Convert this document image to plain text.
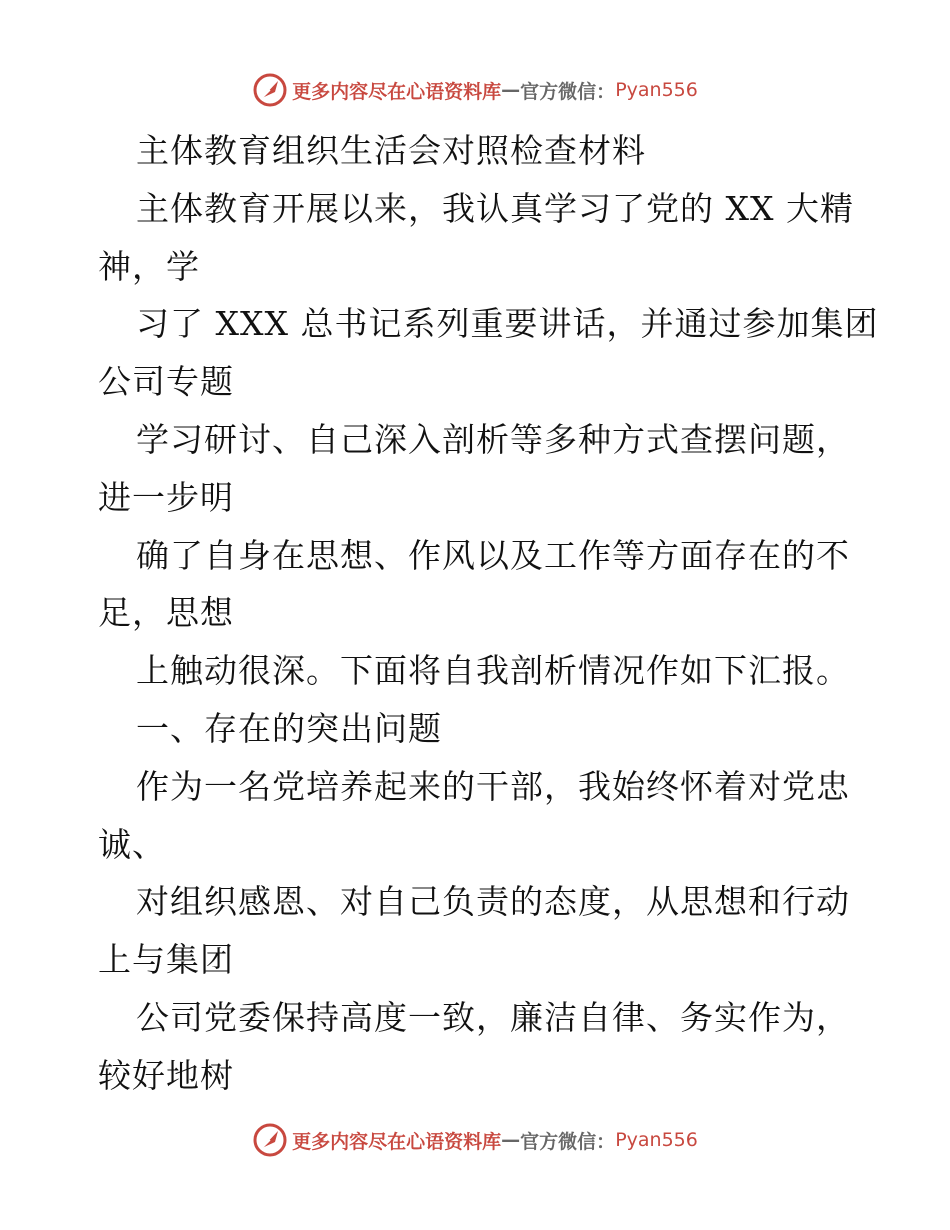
更多内容尽在心语资料库 — 官方微信： Pyan556
主体教育组织生活会对照检查材料
主体教育开展以来，我认真学习了党的 XX 大精
神，学
习了 XXX 总书记系列重要讲话，并通过参加集团
公司专题
学习研讨、自己深入剖析等多种方式查摆问题，
进一步明
确了自身在思想、作风以及工作等方面存在的不
足，思想
上触动很深。下面将自我剖析情况作如下汇报。
一、存在的突出问题
作为一名党培养起来的干部，我始终怀着对党忠
诚、
对组织感恩、对自己负责的态度，从思想和行动
上与集团
公司党委保持高度一致，廉洁自律、务实作为，
较好地树
更多内容尽在心语资料库 — 官方微信： Pyan556
